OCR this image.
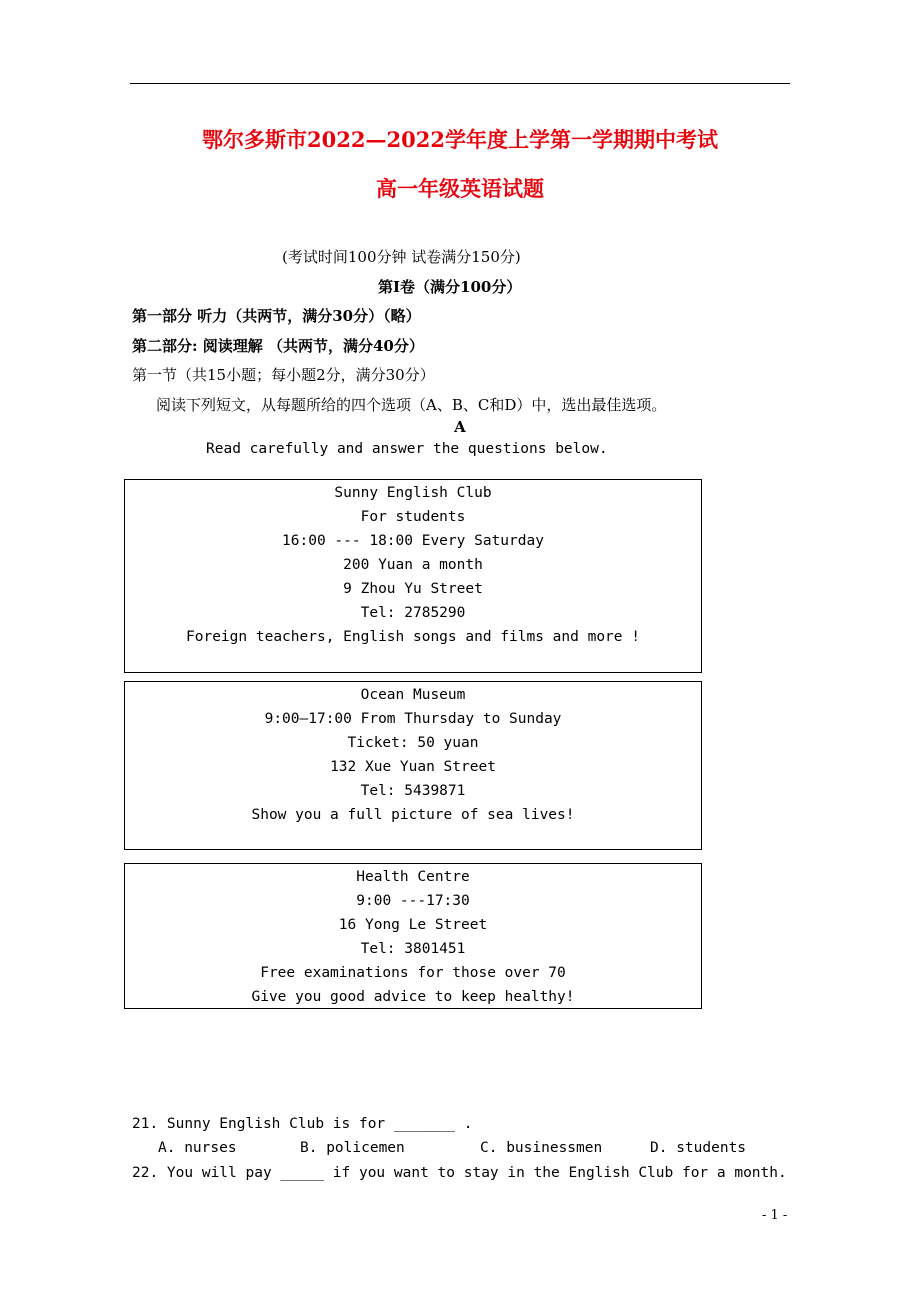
鄂尔多斯市2022—2022学年度上学第一学期期中考试
高一年级英语试题
(考试时间100分钟 试卷满分150分)
第Ⅰ卷（满分100分）
第一部分 听力（共两节，满分30分）（略）
第二部分: 阅读理解 （共两节，满分40分）
第一节（共15小题；每小题2分，满分30分）
阅读下列短文，从每题所给的四个选项（A、B、C和D）中，选出最佳选项。
A
Read carefully and answer the questions below.
Sunny English Club
For students
16:00 --- 18:00 Every Saturday
200 Yuan a month
9 Zhou Yu Street
Tel: 2785290
Foreign teachers, English songs and films and more !
Ocean Museum
9:00—17:00 From Thursday to Sunday
Ticket: 50 yuan
132 Xue Yuan Street
Tel: 5439871
Show you a full picture of sea lives!
Health Centre
9:00 ---17:30
16 Yong Le Street
Tel: 3801451
Free examinations for those over 70
Give you good advice to keep healthy!
21. Sunny English Club is for _______ .
A. nurses	B. policemen	C. businessmen	D. students
22. You will pay _____ if you want to stay in the English Club for a month.
- 1 -
